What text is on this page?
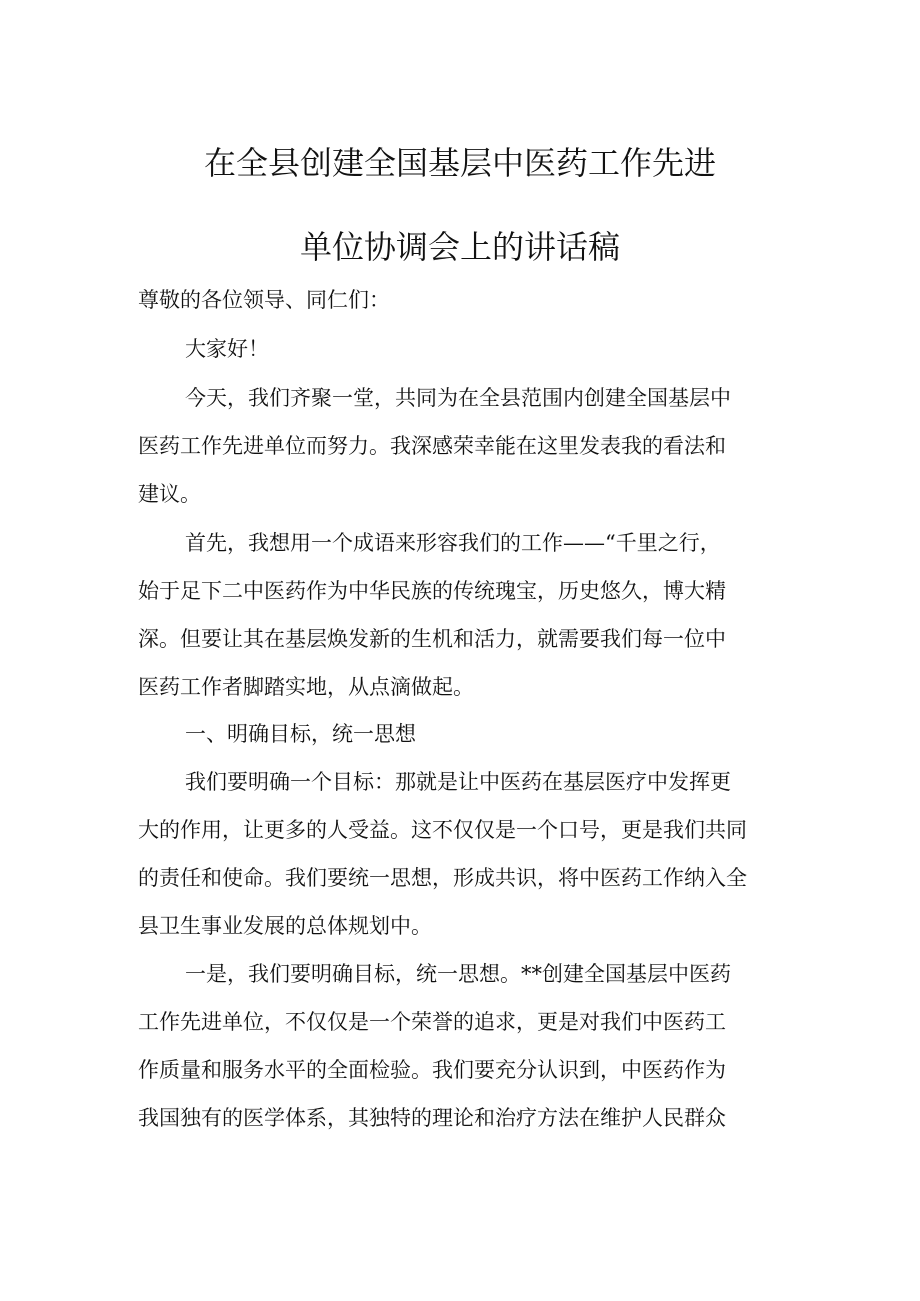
在全县创建全国基层中医药工作先进
单位协调会上的讲话稿
尊敬的各位领导、同仁们：
大家好！
今天，我们齐聚一堂，共同为在全县范围内创建全国基层中
医药工作先进单位而努力。我深感荣幸能在这里发表我的看法和
建议。
首先，我想用一个成语来形容我们的工作——“千里之行，
始于足下二中医药作为中华民族的传统瑰宝，历史悠久，博大精
深。但要让其在基层焕发新的生机和活力，就需要我们每一位中
医药工作者脚踏实地，从点滴做起。
一、明确目标，统一思想
我们要明确一个目标：那就是让中医药在基层医疗中发挥更
大的作用，让更多的人受益。这不仅仅是一个口号，更是我们共同
的责任和使命。我们要统一思想，形成共识，将中医药工作纳入全
县卫生事业发展的总体规划中。
一是，我们要明确目标，统一思想。**创建全国基层中医药
工作先进单位，不仅仅是一个荣誉的追求，更是对我们中医药工
作质量和服务水平的全面检验。我们要充分认识到，中医药作为
我国独有的医学体系，其独特的理论和治疗方法在维护人民群众
